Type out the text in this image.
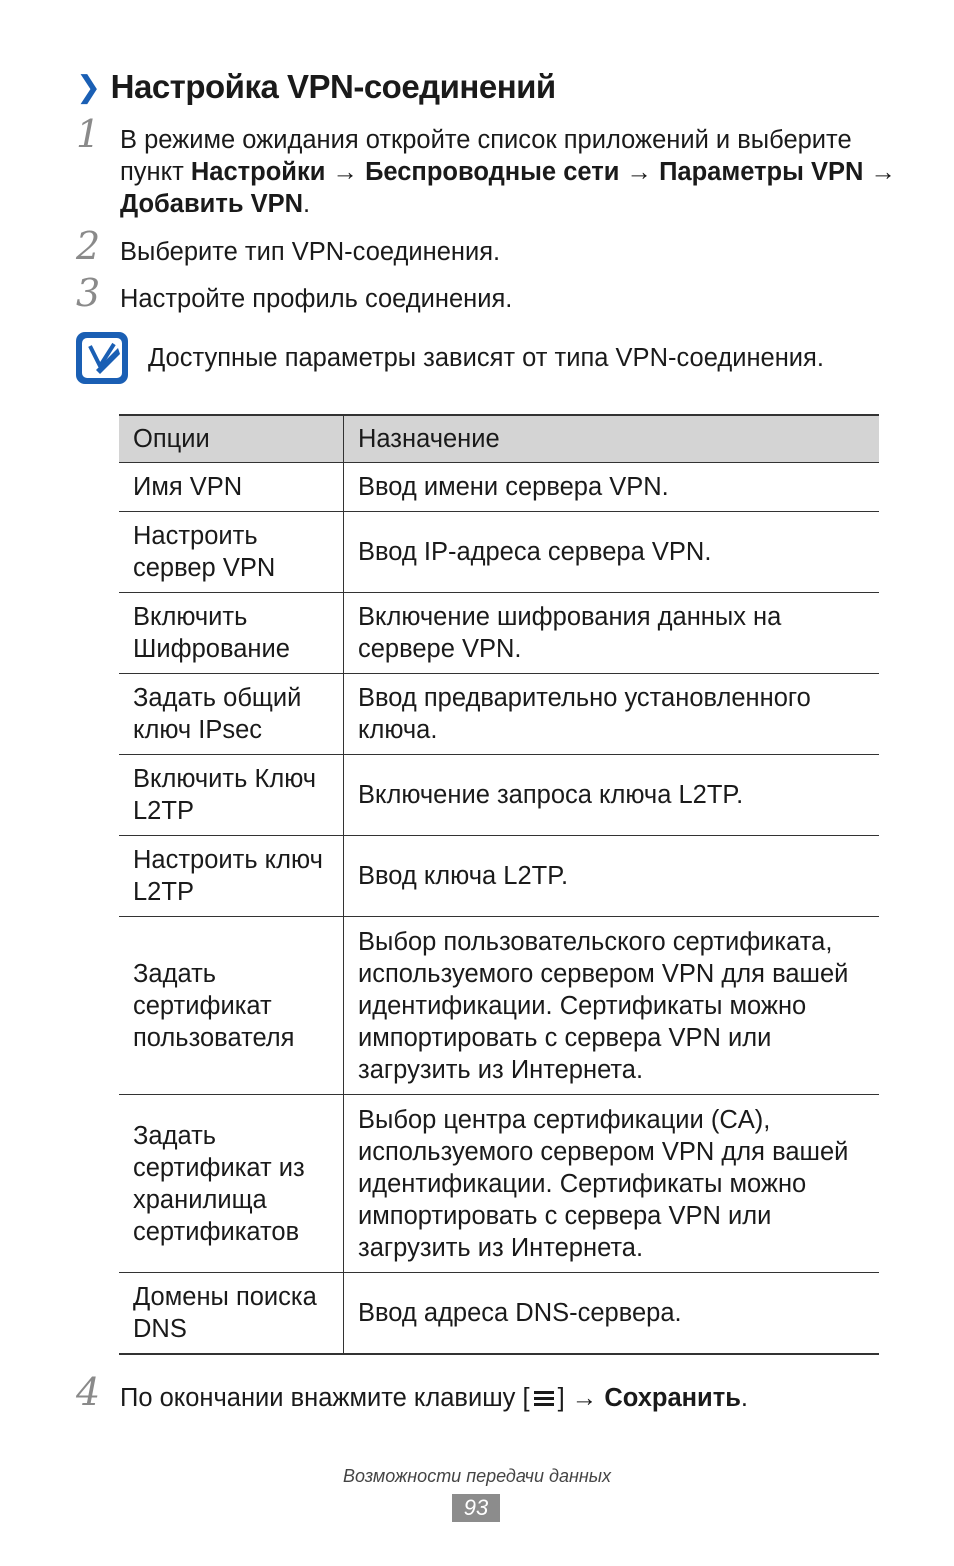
❯ Настройка VPN-соединений
1 В режиме ожидания откройте список приложений и выберите пункт Настройки → Беспроводные сети → Параметры VPN → Добавить VPN.
2 Выберите тип VPN-соединения.
3 Настройте профиль соединения.
Доступные параметры зависят от типа VPN-соединения.
Опции	Назначение
Имя VPN	Ввод имени сервера VPN.
Настроить сервер VPN	Ввод IP-адреса сервера VPN.
Включить Шифрование	Включение шифрования данных на сервере VPN.
Задать общий ключ IPsec	Ввод предварительно установленного ключа.
Включить Ключ L2TP	Включение запроса ключа L2TP.
Настроить ключ L2TP	Ввод ключа L2TP.
Задать сертификат пользователя	Выбор пользовательского сертификата, используемого сервером VPN для вашей идентификации. Сертификаты можно импортировать с сервера VPN или загрузить из Интернета.
Задать сертификат из хранилища сертификатов	Выбор центра сертификации (CA), используемого сервером VPN для вашей идентификации. Сертификаты можно импортировать с сервера VPN или загрузить из Интернета.
Домены поиска DNS	Ввод адреса DNS-сервера.
4 По окончании внажмите клавишу [ ] → Сохранить.
Возможности передачи данных
93
